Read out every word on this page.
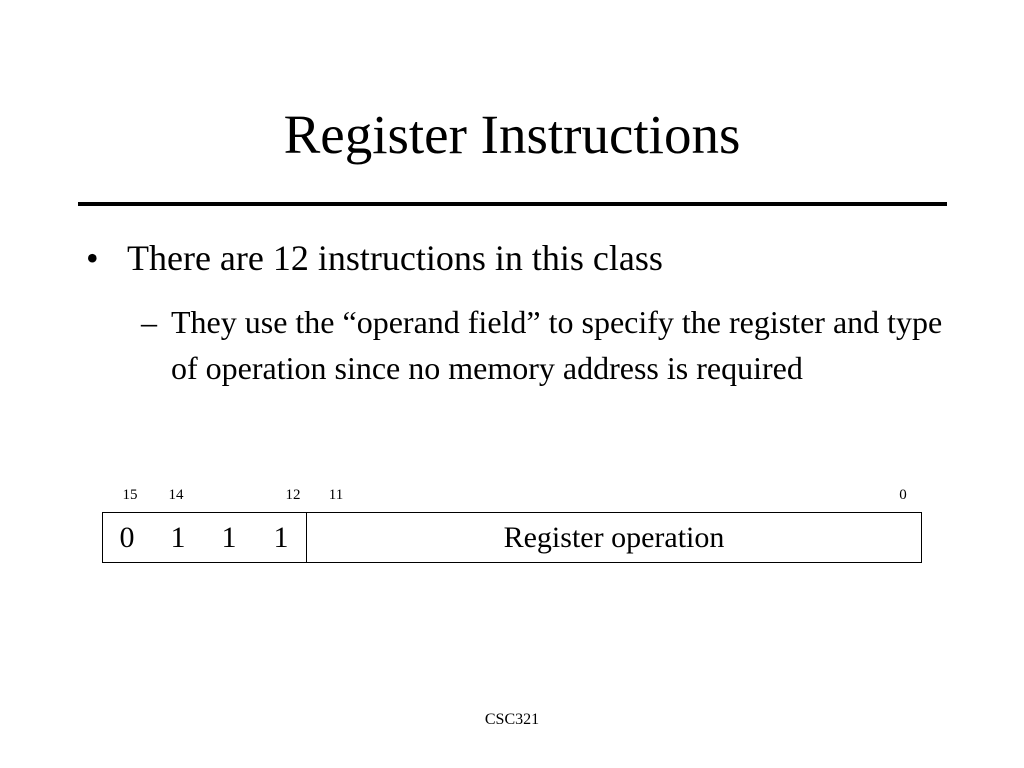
Register Instructions
• There are 12 instructions in this class
– They use the “operand field” to specify the register and type of operation since no memory address is required
15 14	12 11	0
0 1 1 1	Register operation
CSC321
